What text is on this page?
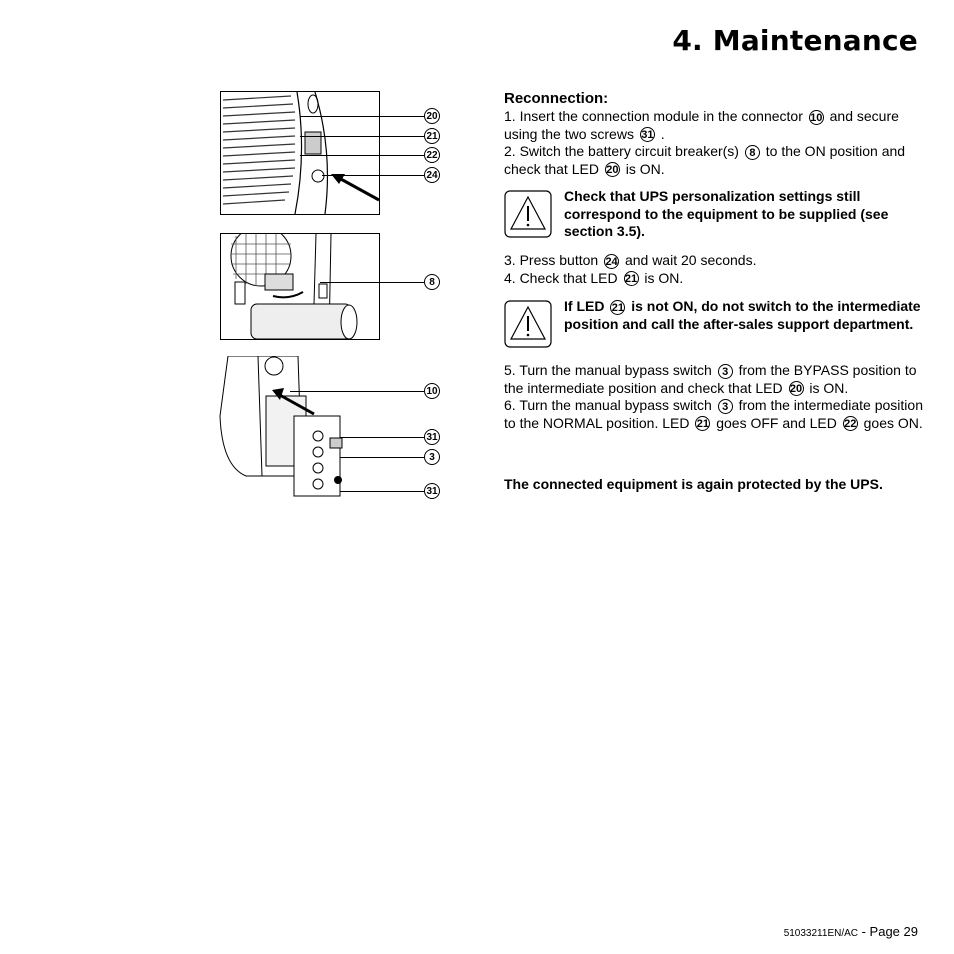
4. Maintenance
20
21
22
24
8
10
31
3
31
Reconnection:
1. Insert the connection module in the connector 10 and secure using the two screws 31 .
2. Switch the battery circuit breaker(s) 8 to the ON position and check that LED 20 is ON.
Check that UPS personalization settings still correspond to the equipment to be supplied (see section 3.5).
3. Press button 24 and wait 20 seconds.
4. Check that LED 21 is ON.
If LED 21 is not ON, do not switch to the intermediate position and call the after-sales support department.
5. Turn the manual bypass switch 3 from the BYPASS position to the intermediate position and check that LED 20 is ON.
6. Turn the manual bypass switch 3 from the intermediate position to the NORMAL position. LED 21 goes OFF and LED 22 goes ON.
The connected equipment is again protected by the UPS.
51033211EN/AC - Page 29
